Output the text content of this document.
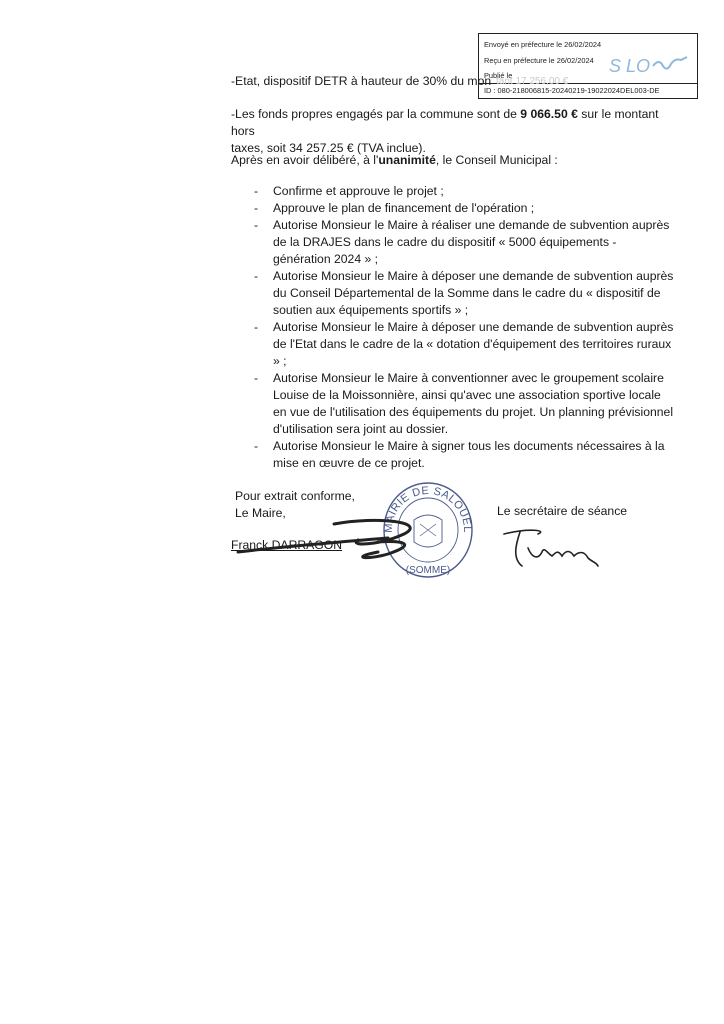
Envoyé en préfecture le 26/02/2024
Reçu en préfecture le 26/02/2024
Publié le	S LO
ID : 080-218006815-20240219-19022024DEL003-DE
-Etat, dispositif DETR à hauteur de 30% du mon tant 17 256,00 €
-Les fonds propres engagés par la commune sont de 9 066.50 € sur le montant hors
taxes, soit 34 257.25 € (TVA inclue).
Après en avoir délibéré, à l'unanimité, le Conseil Municipal :
- Confirme et approuve le projet ;
- Approuve le plan de financement de l'opération ;
- Autorise Monsieur le Maire à réaliser une demande de subvention auprès de la DRAJES dans le cadre du dispositif « 5000 équipements - génération 2024 » ;
- Autorise Monsieur le Maire à déposer une demande de subvention auprès du Conseil Départemental de la Somme dans le cadre du « dispositif de soutien aux équipements sportifs » ;
- Autorise Monsieur le Maire à déposer une demande de subvention auprès de l'Etat dans le cadre de la « dotation d'équipement des territoires ruraux » ;
- Autorise Monsieur le Maire à conventionner avec le groupement scolaire Louise de la Moissonnière, ainsi qu'avec une association sportive locale en vue de l'utilisation des équipements du projet. Un planning prévisionnel d'utilisation sera joint au dossier.
- Autorise Monsieur le Maire à signer tous les documents nécessaires à la mise en œuvre de ce projet.
Pour extrait conforme,
Le Maire,
Franck DARRAGON
Le secrétaire de séance
MAIRIE DE SALOUEL
(SOMME)
